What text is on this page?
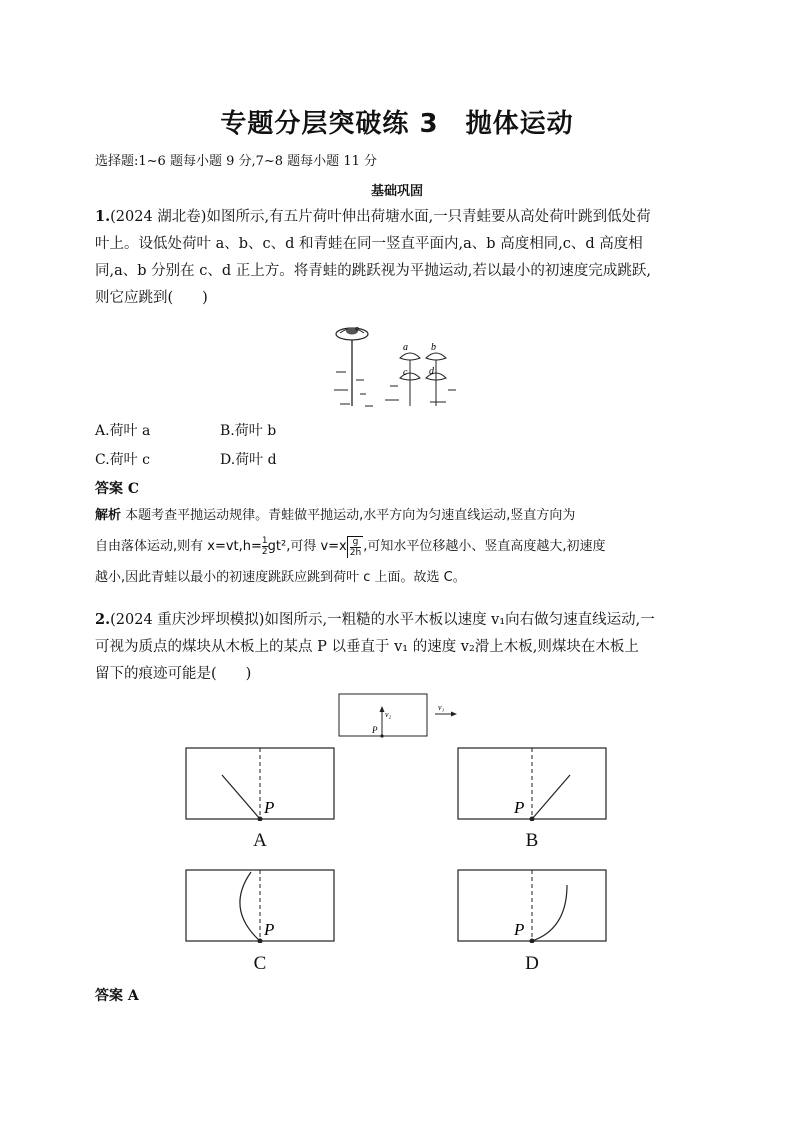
专题分层突破练 3　抛体运动
选择题:1~6 题每小题 9 分,7~8 题每小题 11 分
基础巩固
1.(2024 湖北卷)如图所示,有五片荷叶伸出荷塘水面,一只青蛙要从高处荷叶跳到低处荷
叶上。设低处荷叶 a、b、c、d 和青蛙在同一竖直平面内,a、b 高度相同,c、d 高度相
同,a、b 分别在 c、d 正上方。将青蛙的跳跃视为平抛运动,若以最小的初速度完成跳跃,
则它应跳到(　　)
a b
c d
A.荷叶 a	B.荷叶 b
C.荷叶 c	D.荷叶 d
答案 C
解析 本题考查平抛运动规律。青蛙做平抛运动,水平方向为匀速直线运动,竖直方向为
自由落体运动,则有 $x=vt,h= \frac{1}{2} gt^2$,可得 $v=x \frac{g}{2h}$ ,可知水平位移越小、竖直高度越大,初速度
越小,因此青蛙以最小的初速度跳跃应跳到荷叶 c 上面。故选 C。
2.(2024 重庆沙坪坝模拟)如图所示,一粗糙的水平木板以速度 v₁向右做匀速直线运动,一
可视为质点的煤块从木板上的某点 P 以垂直于 v₁ 的速度 v₂滑上木板,则煤块在木板上
留下的痕迹可能是(　　)
v₂
P
v₁
P
A
P
B
P
C
P
D
答案 A
